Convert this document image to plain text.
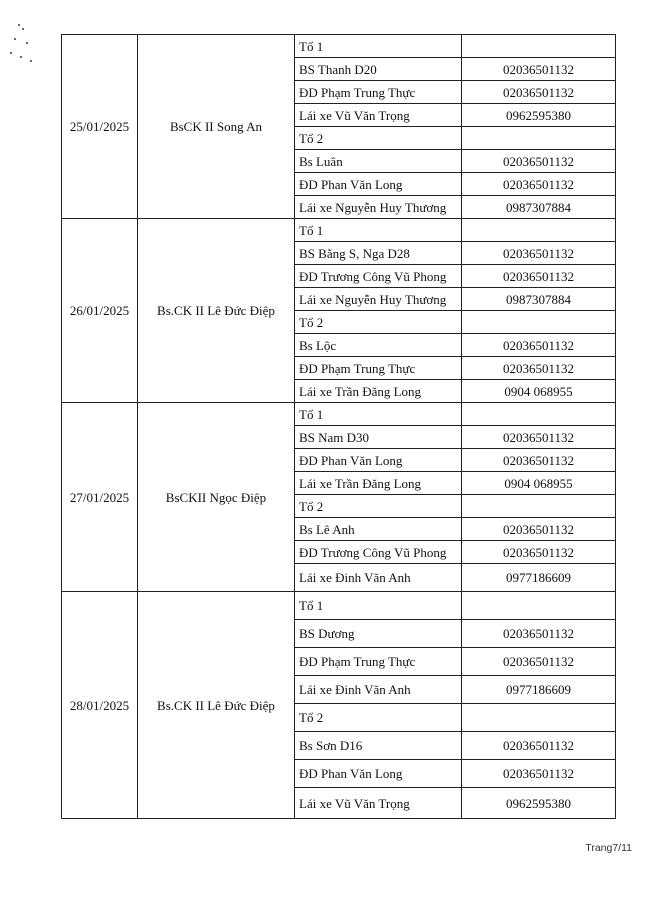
25/01/2025	BsCK II Song An	Tổ 1	
		BS Thanh D20	02036501132
		ĐD Phạm Trung Thực	02036501132
		Lái xe Vũ Văn Trọng	0962595380
		Tổ 2	
		Bs Luân	02036501132
		ĐD Phan Văn Long	02036501132
		Lái xe Nguyễn Huy Thương	0987307884
26/01/2025	Bs.CK II Lê Đức Điệp	Tổ 1	
		BS Bằng S, Nga D28	02036501132
		ĐD Trương Công Vũ Phong	02036501132
		Lái xe Nguyễn Huy Thương	0987307884
		Tổ 2	
		Bs Lộc	02036501132
		ĐD Phạm Trung Thực	02036501132
		Lái xe Trần Đăng Long	0904 068955
27/01/2025	BsCKII Ngọc Điệp	Tổ 1	
		BS Nam D30	02036501132
		ĐD Phan Văn Long	02036501132
		Lái xe Trần Đăng Long	0904 068955
		Tổ 2	
		Bs Lê Anh	02036501132
		ĐD Trương Công Vũ Phong	02036501132
		Lái xe Đinh Văn Anh	0977186609
28/01/2025	Bs.CK II Lê Đức Điệp	Tổ 1	
		BS Dương	02036501132
		ĐD Phạm Trung Thực	02036501132
		Lái xe Đinh Văn Anh	0977186609
		Tổ 2	
		Bs Sơn D16	02036501132
		ĐD Phan Văn Long	02036501132
		Lái xe Vũ Văn Trọng	0962595380
Trang7/11
